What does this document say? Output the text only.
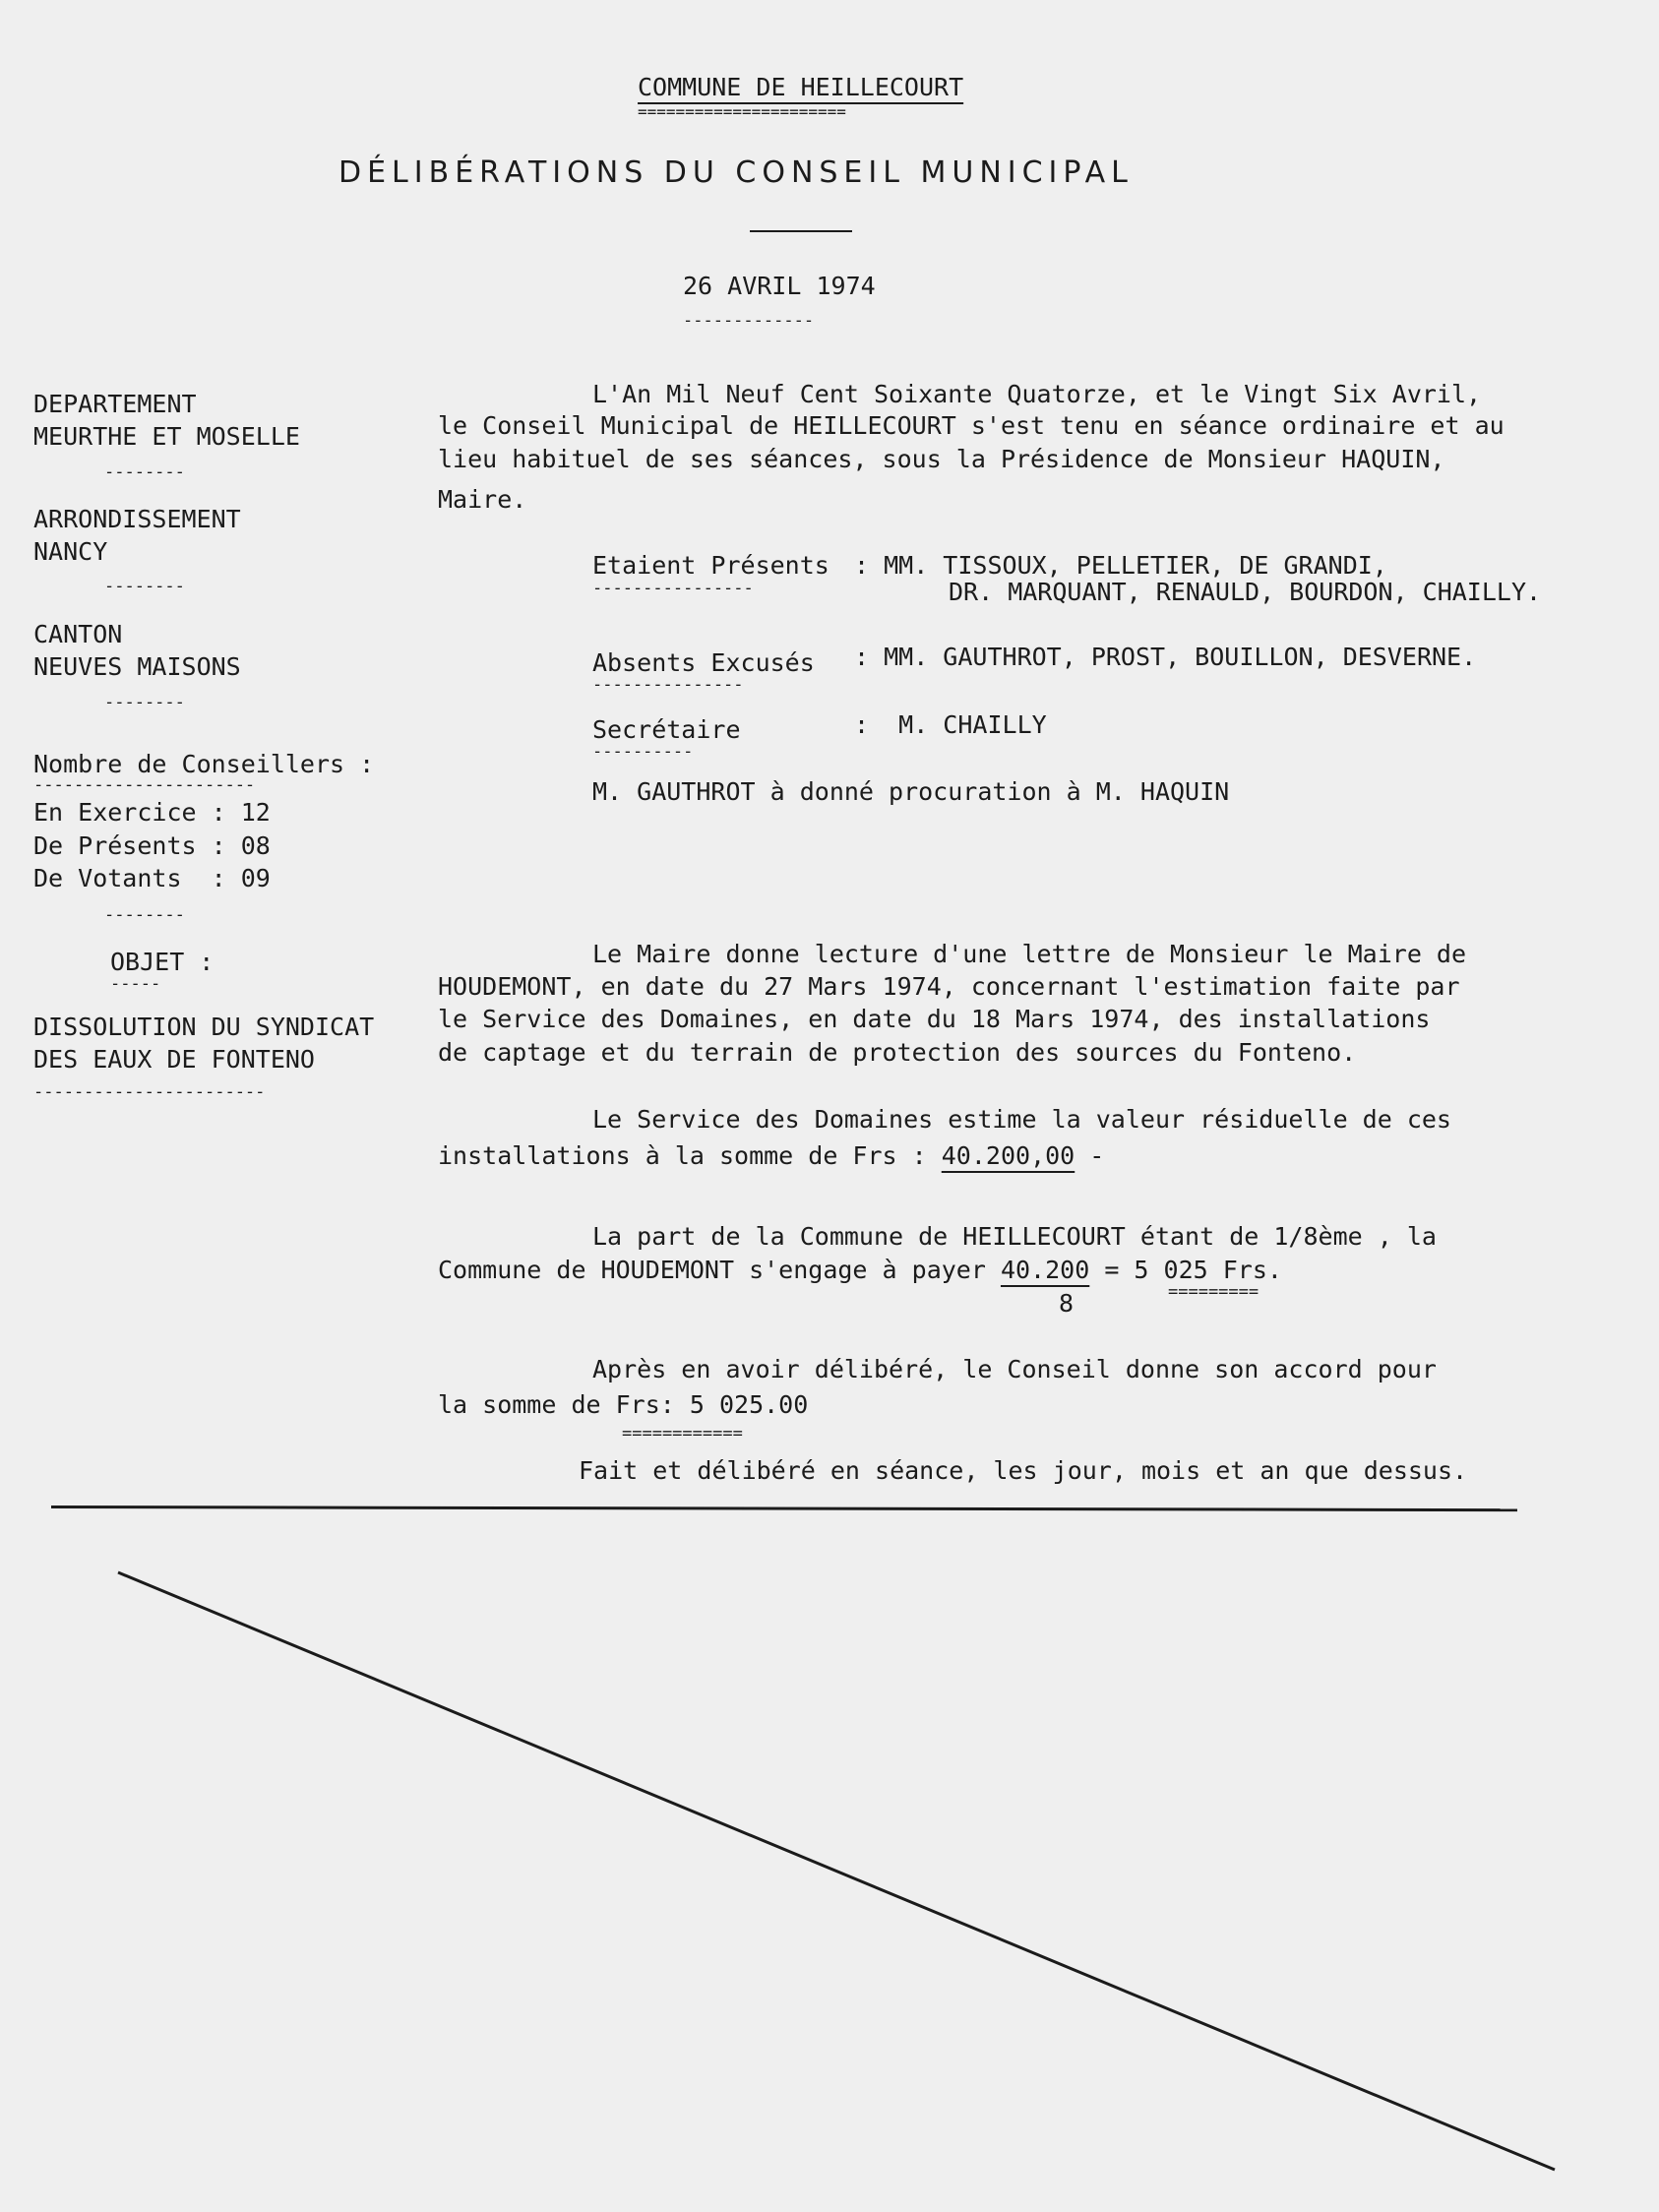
COMMUNE DE HEILLECOURT
======================
DÉLIBÉRATIONS DU CONSEIL MUNICIPAL
26 AVRIL 1974
-------------
DEPARTEMENT
MEURTHE ET MOSELLE
--------
ARRONDISSEMENT
NANCY
--------
CANTON
NEUVES MAISONS
--------
Nombre de Conseillers :
----------------------
En Exercice : 12
De Présents : 08
De Votants  : 09
--------
OBJET :
-----
DISSOLUTION DU SYNDICAT
DES EAUX DE FONTENO
-----------------------
L'An Mil Neuf Cent Soixante Quatorze, et le Vingt Six Avril,
le Conseil Municipal de HEILLECOURT s'est tenu en séance ordinaire et au
lieu habituel de ses séances, sous la Présidence de Monsieur HAQUIN,
Maire.
Etaient Présents
----------------
: MM. TISSOUX, PELLETIER, DE GRANDI,
DR. MARQUANT, RENAULD, BOURDON, CHAILLY.
Absents Excusés
---------------
: MM. GAUTHROT, PROST, BOUILLON, DESVERNE.
Secrétaire
----------
:  M. CHAILLY
M. GAUTHROT à donné procuration à M. HAQUIN
Le Maire donne lecture d'une lettre de Monsieur le Maire de
HOUDEMONT, en date du 27 Mars 1974, concernant l'estimation faite par
le Service des Domaines, en date du 18 Mars 1974, des installations
de captage et du terrain de protection des sources du Fonteno.
Le Service des Domaines estime la valeur résiduelle de ces
installations à la somme de Frs : 40.200,00 -
La part de la Commune de HEILLECOURT étant de 1/8ème , la
Commune de HOUDEMONT s'engage à payer 40.200 = 5 025 Frs.
=========
8
Après en avoir délibéré, le Conseil donne son accord pour
la somme de Frs: 5 025.00
============
Fait et délibéré en séance, les jour, mois et an que dessus.
